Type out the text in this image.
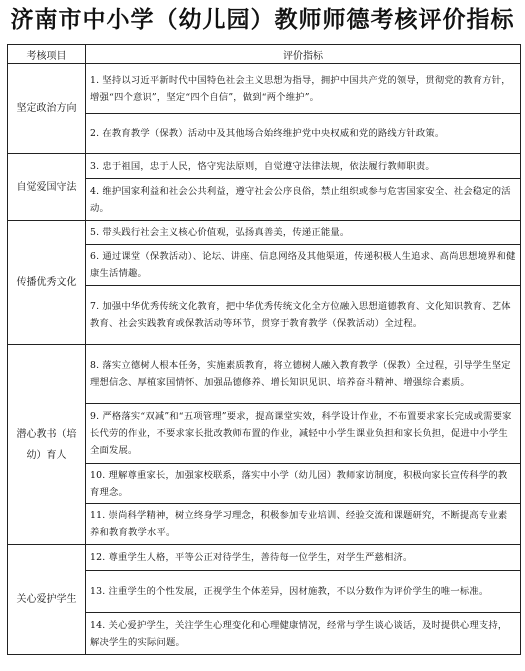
济南市中小学（幼儿园）教师师德考核评价指标
考核项目	评价指标
坚定政治方向	1. 坚持以习近平新时代中国特色社会主义思想为指导，拥护中国共产党的领导，贯彻党的教育方针，增强“四个意识”，坚定“四个自信”，做到“两个维护”。
	2. 在教育教学（保教）活动中及其他场合始终维护党中央权威和党的路线方针政策。
自觉爱国守法	3. 忠于祖国，忠于人民，恪守宪法原则，自觉遵守法律法规，依法履行教师职责。
	4. 维护国家利益和社会公共利益，遵守社会公序良俗，禁止组织或参与危害国家安全、社会稳定的活动。
传播优秀文化	5. 带头践行社会主义核心价值观，弘扬真善美，传递正能量。
	6. 通过课堂（保教活动）、论坛、讲座、信息网络及其他渠道，传递积极人生追求、高尚思想境界和健康生活情趣。
	7. 加强中华优秀传统文化教育，把中华优秀传统文化全方位融入思想道德教育、文化知识教育、艺体教育、社会实践教育或保教活动等环节，贯穿于教育教学（保教活动）全过程。
潜心教书（培幼）育人	8. 落实立德树人根本任务，实施素质教育，将立德树人融入教育教学（保教）全过程，引导学生坚定理想信念、厚植家国情怀、加强品德修养、增长知识见识、培养奋斗精神、增强综合素质。
	9. 严格落实“双减”和“五项管理”要求，提高课堂实效，科学设计作业，不布置要求家长完成或需要家长代劳的作业，不要求家长批改教师布置的作业，减轻中小学生课业负担和家长负担，促进中小学生全面发展。
	10. 理解尊重家长，加强家校联系，落实中小学（幼儿园）教师家访制度，积极向家长宣传科学的教育理念。
	11. 崇尚科学精神，树立终身学习理念，积极参加专业培训、经验交流和课题研究，不断提高专业素养和教育教学水平。
关心爱护学生	12. 尊重学生人格，平等公正对待学生，善待每一位学生，对学生严慈相济。
	13. 注重学生的个性发展，正视学生个体差异，因材施教，不以分数作为评价学生的唯一标准。
	14. 关心爱护学生，关注学生心理变化和心理健康情况，经常与学生谈心谈话，及时提供心理支持，解决学生的实际问题。
